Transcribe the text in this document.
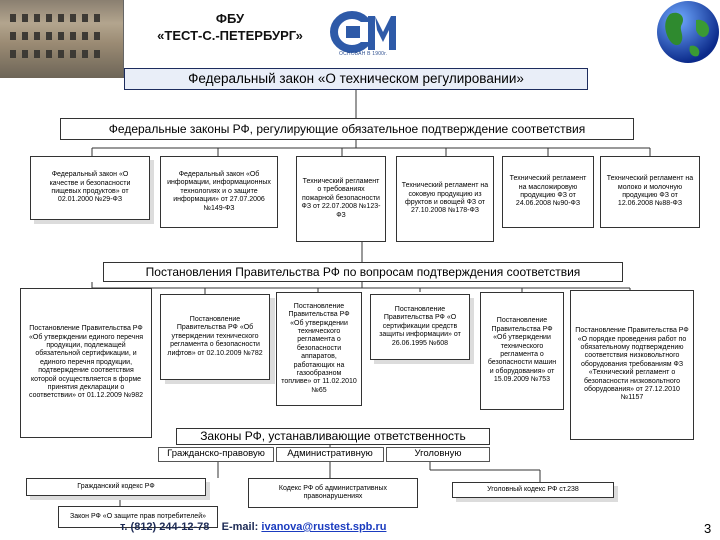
ФБУ
«ТЕСТ-С.-ПЕТЕРБУРГ»
ОСНОВАН В 1900г.
Федеральный закон «О техническом регулировании»
Федеральные законы РФ, регулирующие обязательное подтверждение соответствия
Федеральный закон «О качестве и безопасности пищевых продуктов» от 02.01.2000 №29-ФЗ
Федеральный закон «Об информации, информационных технологиях и о защите информации» от 27.07.2006 №149-ФЗ
Технический регламент о требованиях пожарной безопасности ФЗ от 22.07.2008 №123-ФЗ
Технический регламент на соковую продукцию из фруктов и овощей ФЗ от 27.10.2008 №178-ФЗ
Технический регламент на масложировую продукцию ФЗ от 24.06.2008 №90-ФЗ
Технический регламент на молоко и молочную продукцию ФЗ от 12.06.2008 №88-ФЗ
Постановления Правительства РФ по вопросам подтверждения соответствия
Постановление Правительства РФ «Об утверждении единого перечня продукции, подлежащей обязательной сертификации, и единого перечня продукции, подтверждение соответствия которой осуществляется в форме принятия декларации о соответствии» от 01.12.2009 №982
Постановление Правительства РФ «Об утверждении технического регламента о безопасности лифтов» от 02.10.2009 №782
Постановление Правительства РФ «Об утверждении технического регламента о безопасности аппаратов, работающих на газообразном топливе» от 11.02.2010 №65
Постановление Правительства РФ «О сертификации средств защиты информации» от 26.06.1995 №608
Постановление Правительства РФ «Об утверждении технического регламента о безопасности машин и оборудования» от 15.09.2009 №753
Постановление Правительства РФ «О порядке проведения работ по обязательному подтверждению соответствия низковольтного оборудования требованиям ФЗ «Технический регламент о безопасности низковольтного оборудования» от 27.12.2010 №1157
Законы РФ, устанавливающие ответственность
Гражданско-правовую	Административную	Уголовную
Гражданский кодекс РФ
Закон РФ «О защите прав потребителей»
Кодекс РФ об административных правонарушениях
Уголовный кодекс РФ ст.238
т. (812) 244-12-78 E-mail: ivanova@rustest.spb.ru	3
